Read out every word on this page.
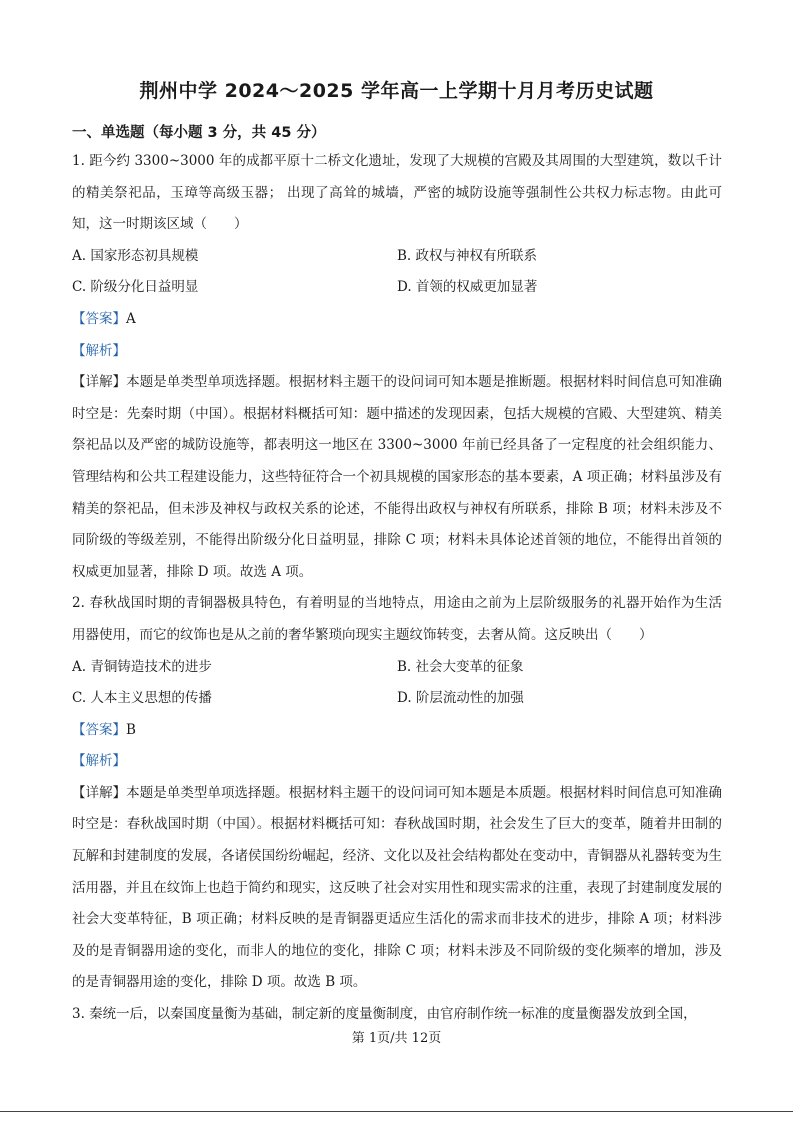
荆州中学 2024～2025 学年高一上学期十月月考历史试题
一、单选题（每小题 3 分，共 45 分）

1. 距今约 3300~3000 年的成都平原十二桥文化遗址，发现了大规模的宫殿及其周围的大型建筑，数以千计的精美祭祀品，玉璋等高级玉器； 出现了高耸的城墙，严密的城防设施等强制性公共权力标志物。由此可知，这一时期该区域（　　）

A. 国家形态初具规模	B. 政权与神权有所联系
C. 阶级分化日益明显	D. 首领的权威更加显著

【答案】A

【解析】

【详解】本题是单类型单项选择题。根据材料主题干的设问词可知本题是推断题。根据材料时间信息可知准确时空是：先秦时期（中国）。根据材料概括可知：题中描述的发现因素，包括大规模的宫殿、大型建筑、精美祭祀品以及严密的城防设施等，都表明这一地区在 3300~3000 年前已经具备了一定程度的社会组织能力、管理结构和公共工程建设能力，这些特征符合一个初具规模的国家形态的基本要素，A 项正确；材料虽涉及有精美的祭祀品，但未涉及神权与政权关系的论述，不能得出政权与神权有所联系，排除 B 项；材料未涉及不同阶级的等级差别，不能得出阶级分化日益明显，排除 C 项；材料未具体论述首领的地位，不能得出首领的权威更加显著，排除 D 项。故选 A 项。

2. 春秋战国时期的青铜器极具特色，有着明显的当地特点，用途由之前为上层阶级服务的礼器开始作为生活用器使用，而它的纹饰也是从之前的奢华繁琐向现实主题纹饰转变，去奢从简。这反映出（　　）

A. 青铜铸造技术的进步	B. 社会大变革的征象
C. 人本主义思想的传播	D. 阶层流动性的加强

【答案】B

【解析】

【详解】本题是单类型单项选择题。根据材料主题干的设问词可知本题是本质题。根据材料时间信息可知准确时空是：春秋战国时期（中国）。根据材料概括可知：春秋战国时期，社会发生了巨大的变革，随着井田制的瓦解和封建制度的发展，各诸侯国纷纷崛起，经济、文化以及社会结构都处在变动中，青铜器从礼器转变为生活用器，并且在纹饰上也趋于简约和现实，这反映了社会对实用性和现实需求的注重，表现了封建制度发展的社会大变革特征，B 项正确；材料反映的是青铜器更适应生活化的需求而非技术的进步，排除 A 项；材料涉及的是青铜器用途的变化，而非人的地位的变化，排除 C 项；材料未涉及不同阶级的变化频率的增加，涉及的是青铜器用途的变化，排除 D 项。故选 B 项。

3. 秦统一后，以秦国度量衡为基础，制定新的度量衡制度，由官府制作统一标准的度量衡器发放到全国，

第 1页/共 12页
